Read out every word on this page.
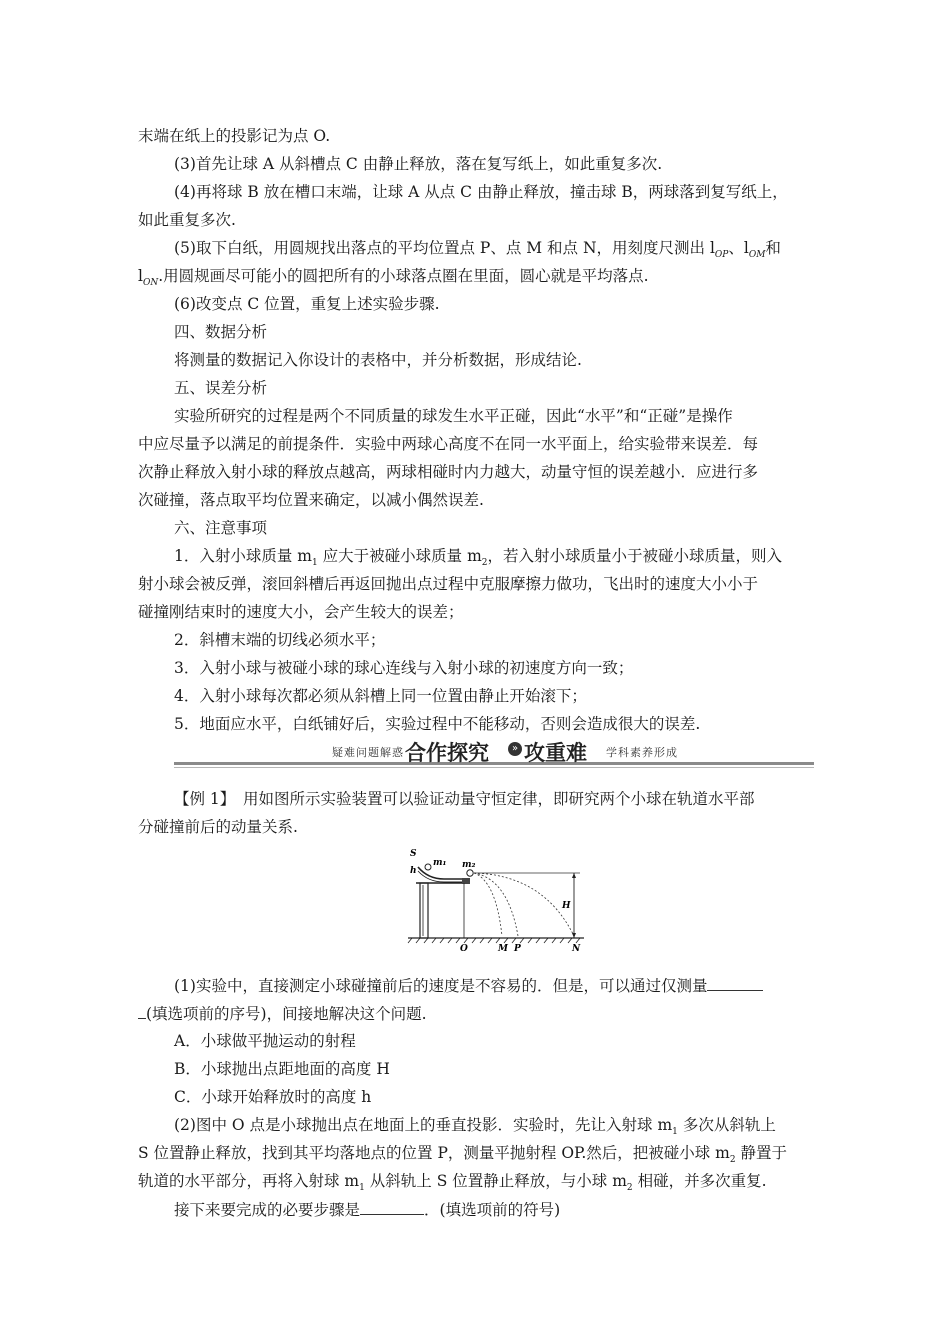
末端在纸上的投影记为点 O.
(3)首先让球 A 从斜槽点 C 由静止释放，落在复写纸上，如此重复多次.
(4)再将球 B 放在槽口末端，让球 A 从点 C 由静止释放，撞击球 B，两球落到复写纸上，
如此重复多次.
(5)取下白纸，用圆规找出落点的平均位置点 P、点 M 和点 N，用刻度尺测出 $l_{OP}$、$l_{OM}$和
$l_{ON}$.用圆规画尽可能小的圆把所有的小球落点圈在里面，圆心就是平均落点.
(6)改变点 C 位置，重复上述实验步骤.
四、数据分析
将测量的数据记入你设计的表格中，并分析数据，形成结论.
五、误差分析
实验所研究的过程是两个不同质量的球发生水平正碰，因此“水平”和“正碰”是操作
中应尽量予以满足的前提条件．实验中两球心高度不在同一水平面上，给实验带来误差．每
次静止释放入射小球的释放点越高，两球相碰时内力越大，动量守恒的误差越小．应进行多
次碰撞，落点取平均位置来确定，以减小偶然误差.
六、注意事项
1．入射小球质量 $m_1$ 应大于被碰小球质量 $m_2$，若入射小球质量小于被碰小球质量，则入
射小球会被反弹，滚回斜槽后再返回抛出点过程中克服摩擦力做功，飞出时的速度大小小于
碰撞刚结束时的速度大小，会产生较大的误差；
2．斜槽末端的切线必须水平；
3．入射小球与被碰小球的球心连线与入射小球的初速度方向一致；
4．入射小球每次都必须从斜槽上同一位置由静止开始滚下；
5．地面应水平，白纸铺好后，实验过程中不能移动，否则会造成很大的误差.
疑难问题解惑 合作探究	» 攻重难 学科素养形成
【例 1】　用如图所示实验装置可以验证动量守恒定律，即研究两个小球在轨道水平部
分碰撞前后的动量关系.
S
h
m₁ m₂
H
O	M P	N
(1)实验中，直接测定小球碰撞前后的速度是不容易的．但是，可以通过仅测量
(填选项前的序号)，间接地解决这个问题.
A．小球做平抛运动的射程
B．小球抛出点距地面的高度 H
C．小球开始释放时的高度 h
(2)图中 O 点是小球抛出点在地面上的垂直投影．实验时，先让入射球 $m_1$ 多次从斜轨上
S 位置静止释放，找到其平均落地点的位置 P，测量平抛射程 OP.然后，把被碰小球 $m_2$ 静置于
轨道的水平部分，再将入射球 $m_1$ 从斜轨上 S 位置静止释放，与小球 $m_2$ 相碰，并多次重复.
接下来要完成的必要步骤是	．(填选项前的符号)
